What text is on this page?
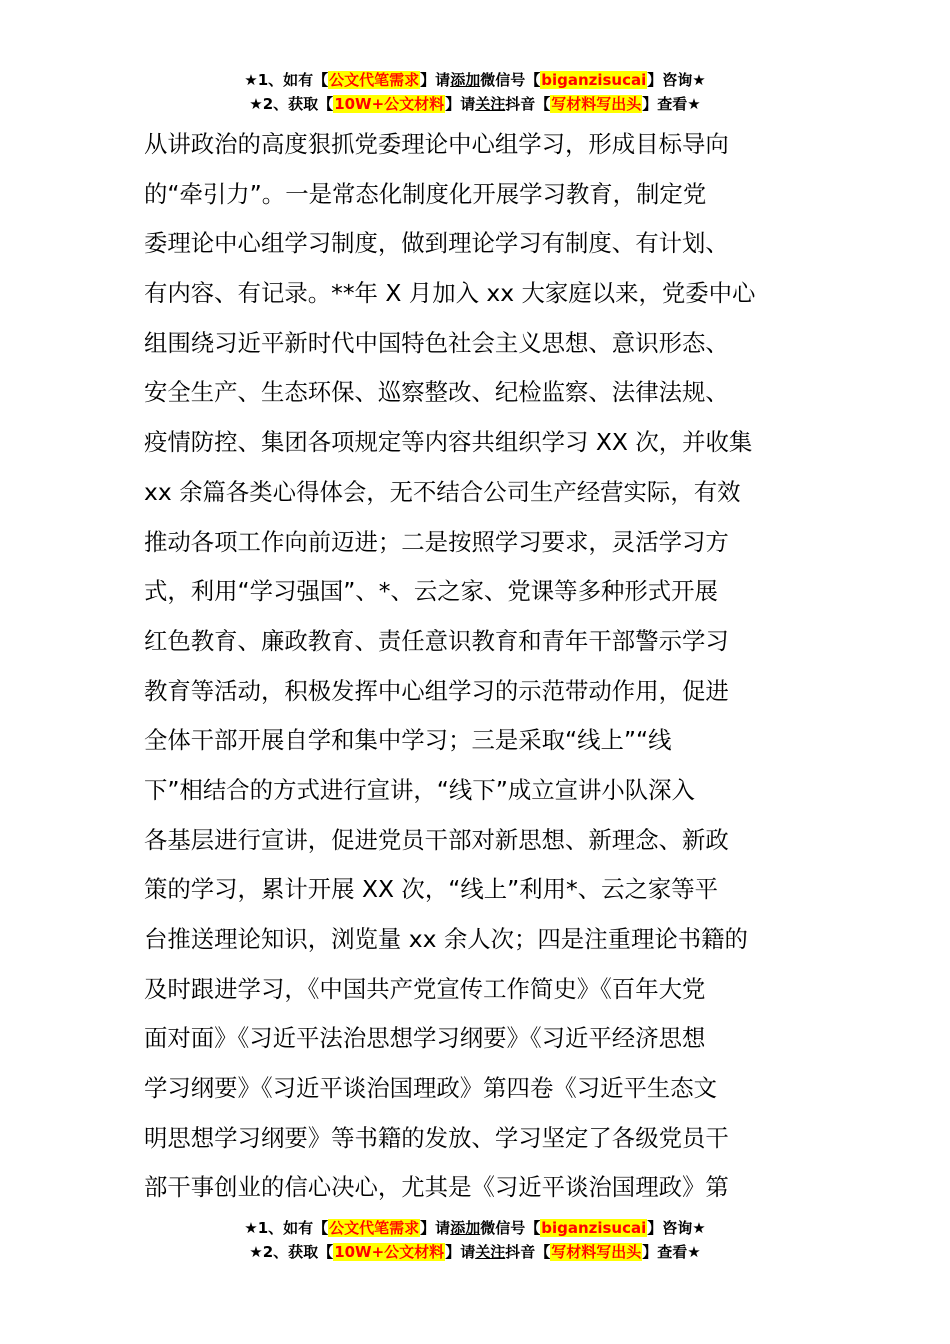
★1、如有【公文代笔需求】请添加微信号【biganzisucai】咨询★
★2、获取【10W+公文材料】请关注抖音【写材料写出头】查看★
从讲政治的高度狠抓党委理论中心组学习，形成目标导向
的“牵引力”。一是常态化制度化开展学习教育，制定党
委理论中心组学习制度，做到理论学习有制度、有计划、
有内容、有记录。**年 X 月加入 xx 大家庭以来，党委中心
组围绕习近平新时代中国特色社会主义思想、意识形态、
安全生产、生态环保、巡察整改、纪检监察、法律法规、
疫情防控、集团各项规定等内容共组织学习 XX 次，并收集
xx 余篇各类心得体会，无不结合公司生产经营实际，有效
推动各项工作向前迈进；二是按照学习要求，灵活学习方
式，利用“学习强国”、*、云之家、党课等多种形式开展
红色教育、廉政教育、责任意识教育和青年干部警示学习
教育等活动，积极发挥中心组学习的示范带动作用，促进
全体干部开展自学和集中学习；三是采取“线上”“线
下”相结合的方式进行宣讲，“线下”成立宣讲小队深入
各基层进行宣讲，促进党员干部对新思想、新理念、新政
策的学习，累计开展 XX 次，“线上”利用*、云之家等平
台推送理论知识，浏览量 xx 余人次；四是注重理论书籍的
及时跟进学习，《中国共产党宣传工作简史》《百年大党
面对面》《习近平法治思想学习纲要》《习近平经济思想
学习纲要》《习近平谈治国理政》第四卷《习近平生态文
明思想学习纲要》等书籍的发放、学习坚定了各级党员干
部干事创业的信心决心，尤其是《习近平谈治国理政》第
★1、如有【公文代笔需求】请添加微信号【biganzisucai】咨询★
★2、获取【10W+公文材料】请关注抖音【写材料写出头】查看★
